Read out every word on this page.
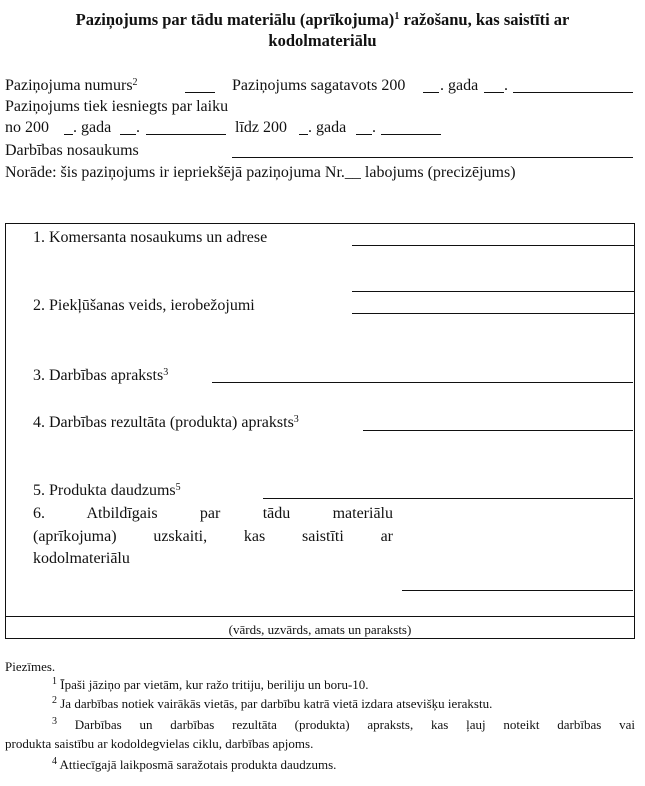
Paziņojums par tādu materiālu (aprīkojuma)$^1$ ražošanu, kas saistīti ar
kodolmateriālu
Paziņojuma numurs$^2$	Paziņojums sagatavots 200 . gada .
Paziņojums tiek iesniegts par laiku
no 200 . gada .	līdz 200 . gada .
Darbības nosaukums
Norāde: šis paziņojums ir iepriekšējā paziņojuma Nr.__ labojums (precizējums)
1. Komersanta nosaukums un adrese
2. Piekļūšanas veids, ierobežojumi
3. Darbības apraksts$^3$
4. Darbības rezultāta (produkta) apraksts$^3$
5. Produkta daudzums$^5$
6. Atbildīgais par tādu materiālu
(aprīkojuma) uzskaiti, kas saistīti ar
kodolmateriālu
(vārds, uzvārds, amats un paraksts)
Piezīmes.
$^1$ Īpaši jāziņo par vietām, kur ražo tritiju, beriliju un boru-10.
$^2$ Ja darbības notiek vairākās vietās, par darbību katrā vietā izdara atsevišķu ierakstu.
$^3$ Darbības un darbības rezultāta (produkta) apraksts, kas ļauj noteikt darbības vai
produkta saistību ar kodoldegvielas ciklu, darbības apjoms.
$^4$ Attiecīgajā laikposmā saražotais produkta daudzums.
